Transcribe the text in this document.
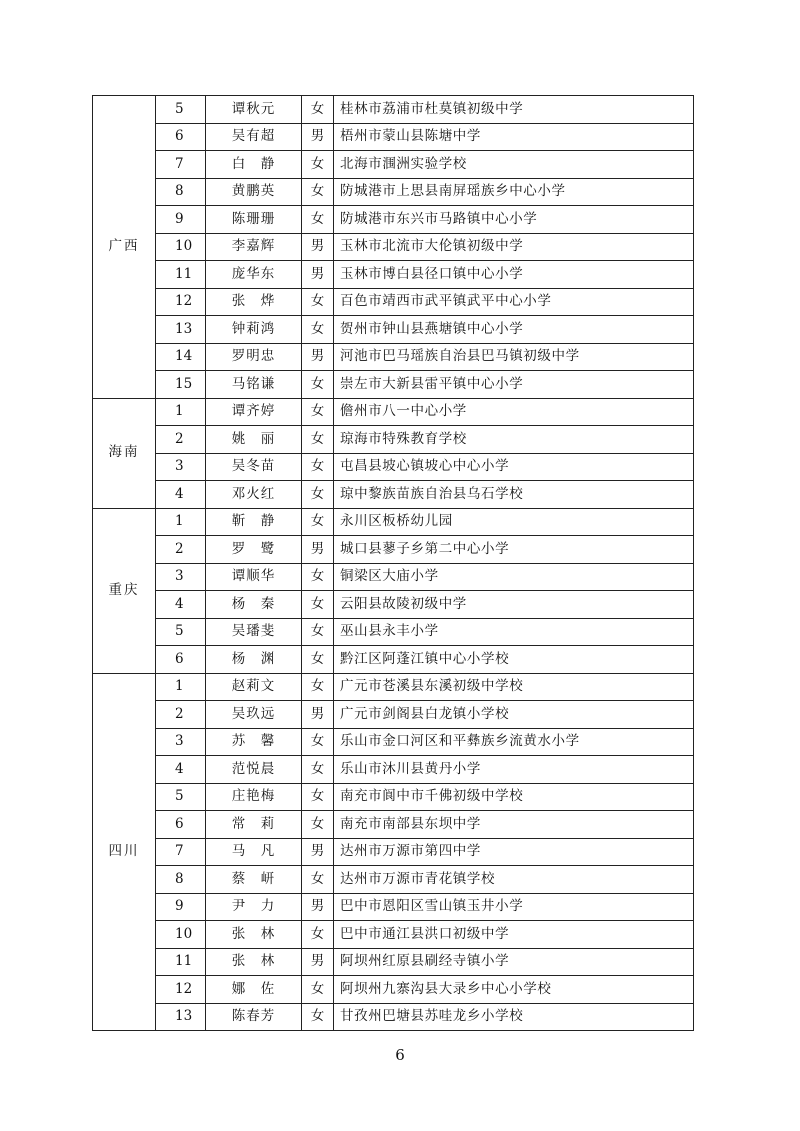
广西	5	谭秋元	女	桂林市荔浦市杜莫镇初级中学
	6	吴有超	男	梧州市蒙山县陈塘中学
	7	白　静	女	北海市涠洲实验学校
	8	黄鹏英	女	防城港市上思县南屏瑶族乡中心小学
	9	陈珊珊	女	防城港市东兴市马路镇中心小学
	10	李嘉辉	男	玉林市北流市大伦镇初级中学
	11	庞华东	男	玉林市博白县径口镇中心小学
	12	张　烨	女	百色市靖西市武平镇武平中心小学
	13	钟莉鸿	女	贺州市钟山县燕塘镇中心小学
	14	罗明忠	男	河池市巴马瑶族自治县巴马镇初级中学
	15	马铭谦	女	崇左市大新县雷平镇中心小学
海南	1	谭齐婷	女	儋州市八一中心小学
	2	姚　丽	女	琼海市特殊教育学校
	3	吴冬苗	女	屯昌县坡心镇坡心中心小学
	4	邓火红	女	琼中黎族苗族自治县乌石学校
重庆	1	靳　静	女	永川区板桥幼儿园
	2	罗　鹭	男	城口县蓼子乡第二中心小学
	3	谭顺华	女	铜梁区大庙小学
	4	杨　秦	女	云阳县故陵初级中学
	5	吴璠斐	女	巫山县永丰小学
	6	杨　渊	女	黔江区阿蓬江镇中心小学校
四川	1	赵莉文	女	广元市苍溪县东溪初级中学校
	2	吴玖远	男	广元市剑阁县白龙镇小学校
	3	苏　馨	女	乐山市金口河区和平彝族乡流黄水小学
	4	范悦晨	女	乐山市沐川县黄丹小学
	5	庄艳梅	女	南充市阆中市千佛初级中学校
	6	常　莉	女	南充市南部县东坝中学
	7	马　凡	男	达州市万源市第四中学
	8	蔡　岍	女	达州市万源市青花镇学校
	9	尹　力	男	巴中市恩阳区雪山镇玉井小学
	10	张　林	女	巴中市通江县洪口初级中学
	11	张　林	男	阿坝州红原县刷经寺镇小学
	12	娜　佐	女	阿坝州九寨沟县大录乡中心小学校
	13	陈春芳	女	甘孜州巴塘县苏哇龙乡小学校
6
